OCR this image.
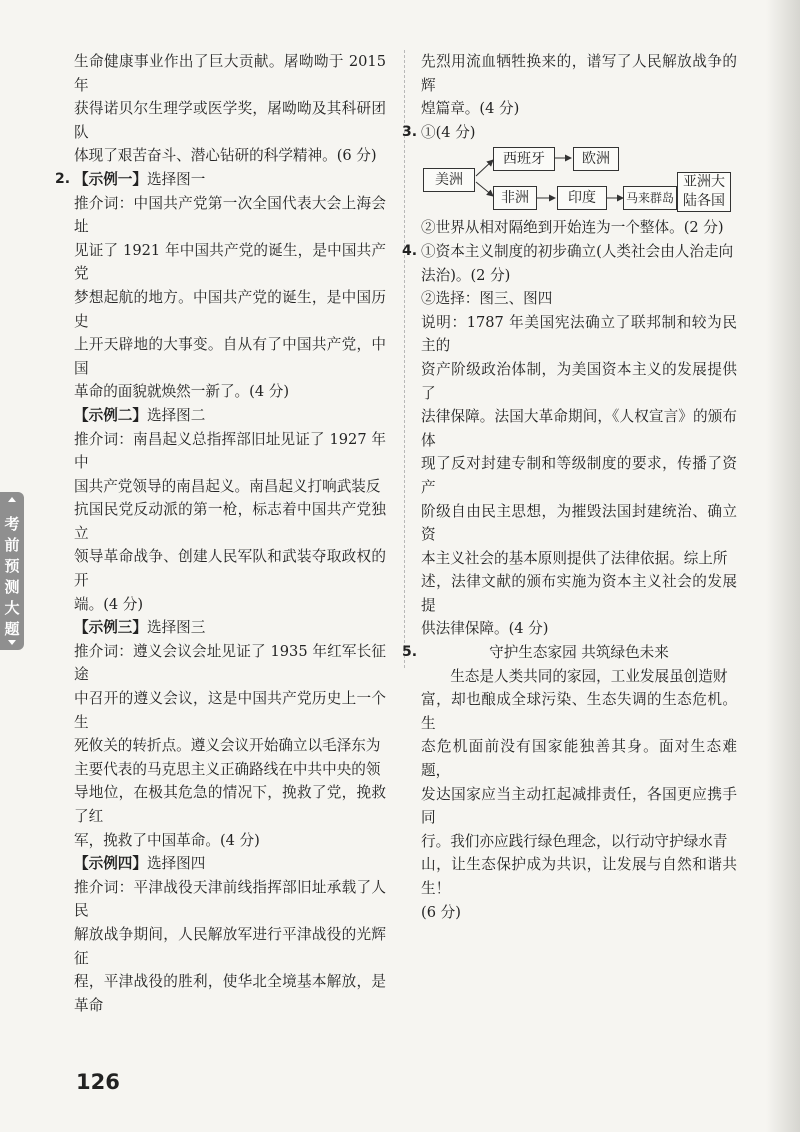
考
前
预
测
大
题

生命健康事业作出了巨大贡献。屠呦呦于 2015 年

获得诺贝尔生理学或医学奖，屠呦呦及其科研团队

体现了艰苦奋斗、潜心钻研的科学精神。(6 分)

2. 【示例一】选择图一

推介词：中国共产党第一次全国代表大会上海会址

见证了 1921 年中国共产党的诞生，是中国共产党

梦想起航的地方。中国共产党的诞生，是中国历史

上开天辟地的大事变。自从有了中国共产党，中国

革命的面貌就焕然一新了。(4 分)

【示例二】选择图二

推介词：南昌起义总指挥部旧址见证了 1927 年中

国共产党领导的南昌起义。南昌起义打响武装反

抗国民党反动派的第一枪，标志着中国共产党独立

领导革命战争、创建人民军队和武装夺取政权的开

端。(4 分)

【示例三】选择图三

推介词：遵义会议会址见证了 1935 年红军长征途

中召开的遵义会议，这是中国共产党历史上一个生

死攸关的转折点。遵义会议开始确立以毛泽东为

主要代表的马克思主义正确路线在中共中央的领

导地位，在极其危急的情况下，挽救了党，挽救了红

军，挽救了中国革命。(4 分)

【示例四】选择图四

推介词：平津战役天津前线指挥部旧址承载了人民

解放战争期间，人民解放军进行平津战役的光辉征

程，平津战役的胜利，使华北全境基本解放，是革命

先烈用流血牺牲换来的，谱写了人民解放战争的辉

煌篇章。(4 分)

3. ①(4 分)

美洲
西班牙	欧洲
非洲	印度	马来群岛
亚洲大
陆各国

②世界从相对隔绝到开始连为一个整体。(2 分)

4. ①资本主义制度的初步确立(人类社会由人治走向

法治)。(2 分)

②选择：图三、图四

说明：1787 年美国宪法确立了联邦制和较为民主的

资产阶级政治体制，为美国资本主义的发展提供了

法律保障。法国大革命期间，《人权宣言》的颁布体

现了反对封建专制和等级制度的要求，传播了资产

阶级自由民主思想，为摧毁法国封建统治、确立资

本主义社会的基本原则提供了法律依据。综上所

述，法律文献的颁布实施为资本主义社会的发展提

供法律保障。(4 分)

5.	守护生态家园 共筑绿色未来

生态是人类共同的家园，工业发展虽创造财

富，却也酿成全球污染、生态失调的生态危机。生

态危机面前没有国家能独善其身。面对生态难题，

发达国家应当主动扛起减排责任，各国更应携手同

行。我们亦应践行绿色理念，以行动守护绿水青

山，让生态保护成为共识，让发展与自然和谐共生！

(6 分)

126
